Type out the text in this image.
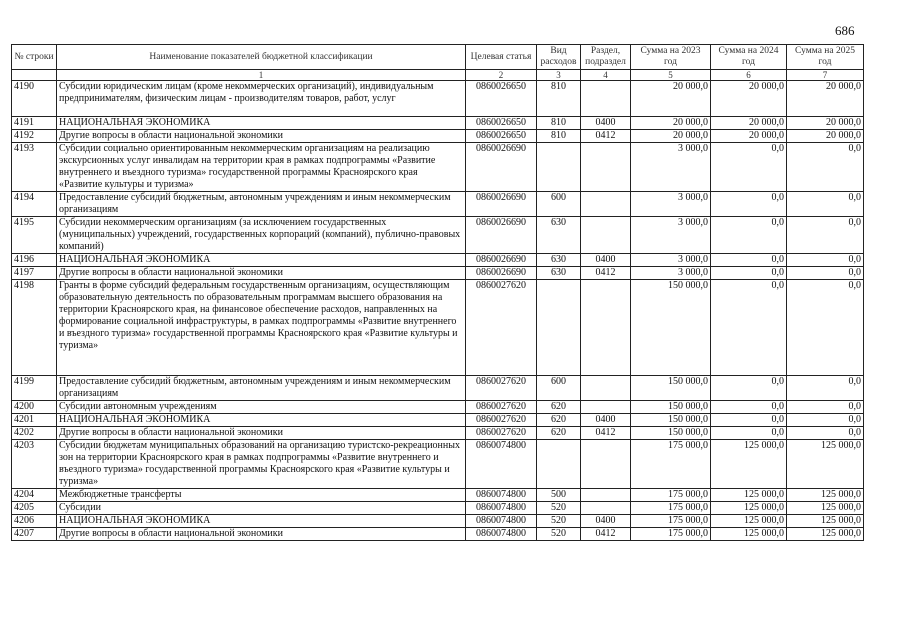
686
№ строки	Наименование показателей бюджетной классификации	Целевая статья	Вид расходов	Раздел, подраздел	Сумма на 2023 год	Сумма на 2024 год	Сумма на 2025 год
	1	2	3	4	5	6	7
4190	Субсидии юридическим лицам (кроме некоммерческих организаций), индивидуальным предпринимателям, физическим лицам - производителям товаров, работ, услуг	0860026650	810		20 000,0	20 000,0	20 000,0
4191	НАЦИОНАЛЬНАЯ ЭКОНОМИКА	0860026650	810	0400	20 000,0	20 000,0	20 000,0
4192	Другие вопросы в области национальной экономики	0860026650	810	0412	20 000,0	20 000,0	20 000,0
4193	Субсидии социально ориентированным некоммерческим организациям на реализацию экскурсионных услуг инвалидам на территории края в рамках подпрограммы «Развитие внутреннего и въездного туризма» государственной программы Красноярского края «Развитие культуры и туризма»	0860026690			3 000,0	0,0	0,0
4194	Предоставление субсидий бюджетным, автономным учреждениям и иным некоммерческим организациям	0860026690	600		3 000,0	0,0	0,0
4195	Субсидии некоммерческим организациям (за исключением государственных (муниципальных) учреждений, государственных корпораций (компаний), публично-правовых компаний)	0860026690	630		3 000,0	0,0	0,0
4196	НАЦИОНАЛЬНАЯ ЭКОНОМИКА	0860026690	630	0400	3 000,0	0,0	0,0
4197	Другие вопросы в области национальной экономики	0860026690	630	0412	3 000,0	0,0	0,0
4198	Гранты в форме субсидий федеральным государственным организациям, осуществляющим образовательную деятельность по образовательным программам высшего образования на территории Красноярского края, на финансовое обеспечение расходов, направленных на формирование социальной инфраструктуры, в рамках подпрограммы «Развитие внутреннего и въездного туризма» государственной программы Красноярского края «Развитие культуры и туризма»	0860027620			150 000,0	0,0	0,0
4199	Предоставление субсидий бюджетным, автономным учреждениям и иным некоммерческим организациям	0860027620	600		150 000,0	0,0	0,0
4200	Субсидии автономным учреждениям	0860027620	620		150 000,0	0,0	0,0
4201	НАЦИОНАЛЬНАЯ ЭКОНОМИКА	0860027620	620	0400	150 000,0	0,0	0,0
4202	Другие вопросы в области национальной экономики	0860027620	620	0412	150 000,0	0,0	0,0
4203	Субсидии бюджетам муниципальных образований на организацию туристско-рекреационных зон на территории Красноярского края в рамках подпрограммы «Развитие внутреннего и въездного туризма» государственной программы Красноярского края «Развитие культуры и туризма»	0860074800			175 000,0	125 000,0	125 000,0
4204	Межбюджетные трансферты	0860074800	500		175 000,0	125 000,0	125 000,0
4205	Субсидии	0860074800	520		175 000,0	125 000,0	125 000,0
4206	НАЦИОНАЛЬНАЯ ЭКОНОМИКА	0860074800	520	0400	175 000,0	125 000,0	125 000,0
4207	Другие вопросы в области национальной экономики	0860074800	520	0412	175 000,0	125 000,0	125 000,0
